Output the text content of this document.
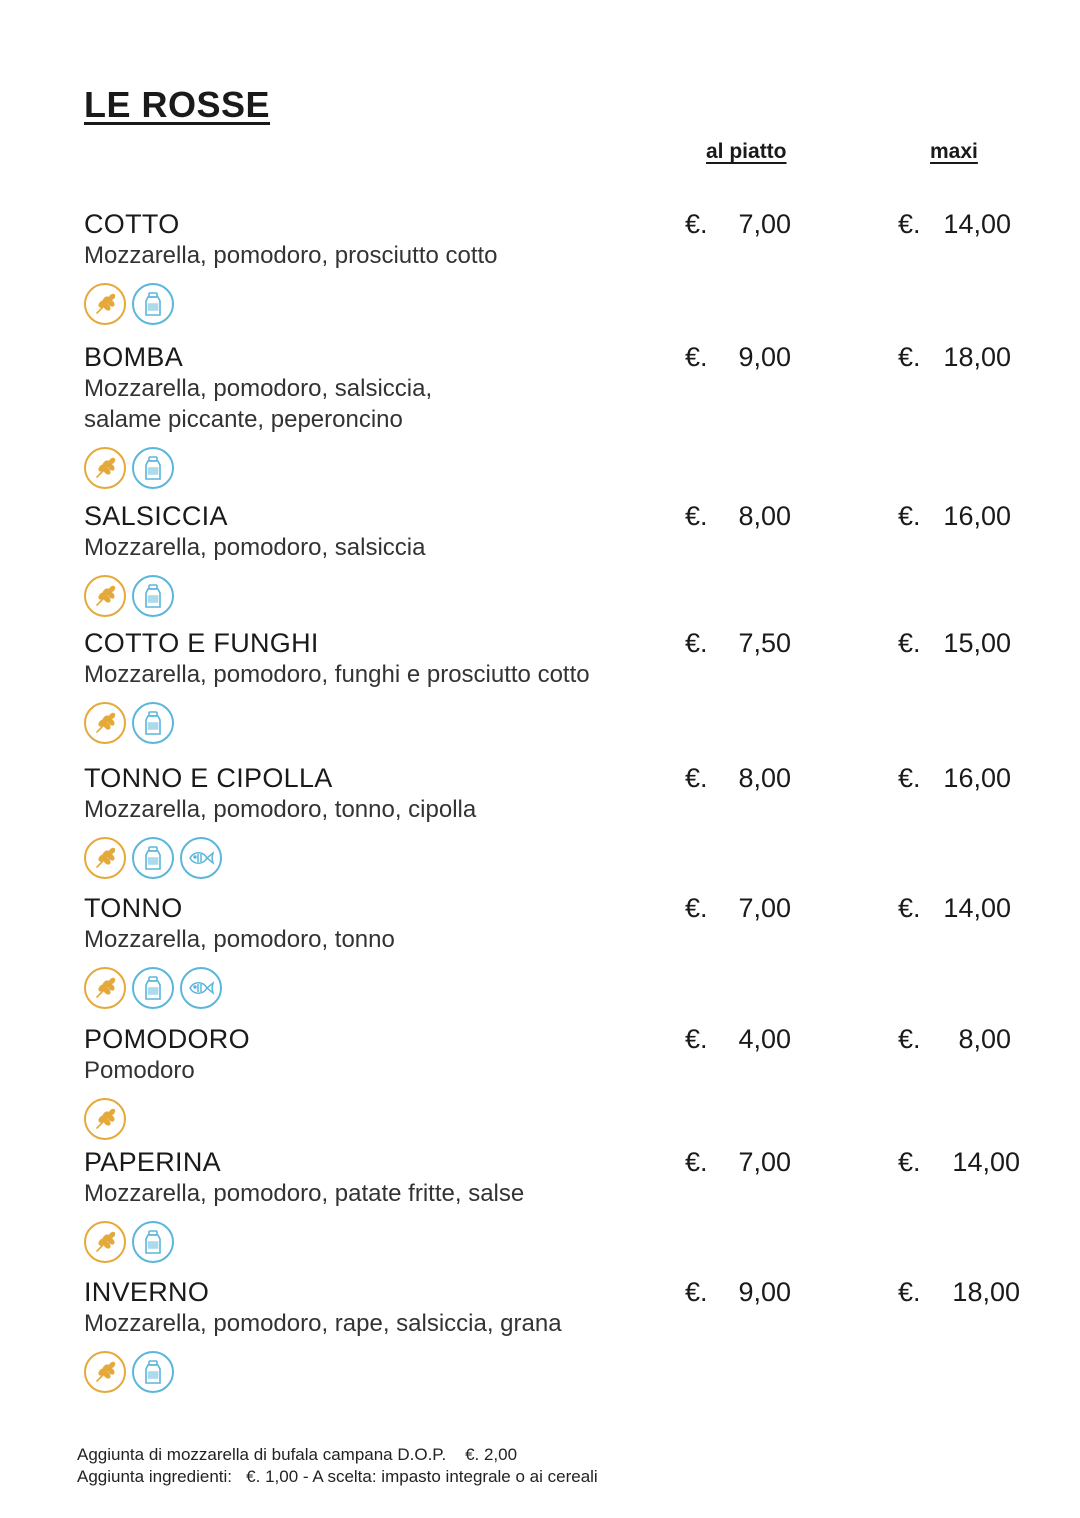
LE ROSSE
al piatto	maxi
COTTO
Mozzarella, pomodoro, prosciutto cotto
€. 7,00	€. 14,00
BOMBA
Mozzarella, pomodoro, salsiccia,
salame piccante, peperoncino
€. 9,00	€. 18,00
SALSICCIA
Mozzarella, pomodoro, salsiccia
€. 8,00	€. 16,00
COTTO E FUNGHI
Mozzarella, pomodoro, funghi e prosciutto cotto
€. 7,50	€. 15,00
TONNO E CIPOLLA
Mozzarella, pomodoro, tonno, cipolla
€. 8,00	€. 16,00
TONNO
Mozzarella, pomodoro, tonno
€. 7,00	€. 14,00
POMODORO
Pomodoro
€. 4,00	€. 8,00
PAPERINA
Mozzarella, pomodoro, patate fritte, salse
€. 7,00	€. 14,00
INVERNO
Mozzarella, pomodoro, rape, salsiccia, grana
€. 9,00	€. 18,00
Aggiunta di mozzarella di bufala campana D.O.P.    €. 2,00
Aggiunta ingredienti:   €. 1,00 - A scelta: impasto integrale o ai cereali
